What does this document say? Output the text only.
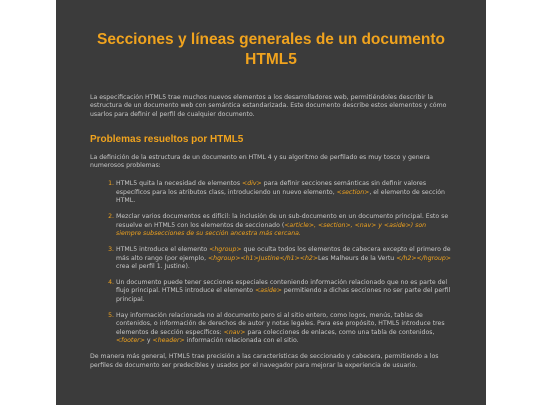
Secciones y líneas generales de un documento HTML5

La especificación HTML5 trae muchos nuevos elementos a los desarrolladores web, permitiéndoles describir la estructura de un documento web con semántica estandarizada. Este documento describe estos elementos y cómo usarlos para definir el perfil de cualquier documento.

Problemas resueltos por HTML5

La definición de la estructura de un documento en HTML 4 y su algoritmo de perfilado es muy tosco y genera numerosos problemas:

1. HTML5 quita la necesidad de elementos <div> para definir secciones semánticas sin definir valores específicos para los atributos class, introduciendo un nuevo elemento, <section>, el elemento de sección HTML.
2. Mezclar varios documentos es difícil: la inclusión de un sub-documento en un documento principal. Esto se resuelve en HTML5 con los elementos de seccionado (<article>, <section>, <nav> y <aside>) son siempre subsecciones de su sección ancestra más cercana.
3. HTML5 introduce el elemento <hgroup> que oculta todos los elementos de cabecera excepto el primero de más alto rango (por ejemplo, <hgroup><h1>Justine</h1><h2>Les Malheurs de la Vertu </h2></hgroup> crea el perfil 1. Justine).
4. Un documento puede tener secciones especiales conteniendo información relacionado que no es parte del flujo principal. HTML5 introduce el elemento <aside> permitiendo a dichas secciones no ser parte del perfil principal.
5. Hay información relacionada no al documento pero si al sitio entero, como logos, menús, tablas de contenidos, o información de derechos de autor y notas legales. Para ese propósito, HTML5 introduce tres elementos de sección específicos: <nav> para colecciones de enlaces, como una tabla de contenidos, <footer> y <header> información relacionada con el sitio.

De manera más general, HTML5 trae precisión a las características de seccionado y cabecera, permitiendo a los perfiles de documento ser predecibles y usados por el navegador para mejorar la experiencia de usuario.
